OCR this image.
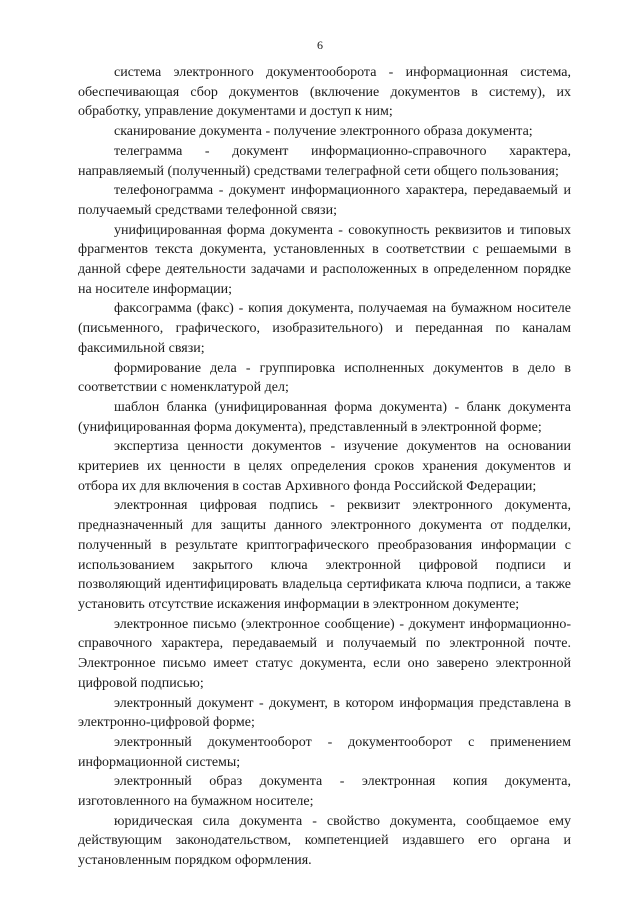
6

система электронного документооборота - информационная система, обеспечивающая сбор документов (включение документов в систему), их обработку, управление документами и доступ к ним;

сканирование документа - получение электронного образа документа;

телеграмма - документ информационно-справочного характера, направляемый (полученный) средствами телеграфной сети общего пользования;

телефонограмма - документ информационного характера, передаваемый и получаемый средствами телефонной связи;

унифицированная форма документа - совокупность реквизитов и типовых фрагментов текста документа, установленных в соответствии с решаемыми в данной сфере деятельности задачами и расположенных в определенном порядке на носителе информации;

факсограмма (факс) - копия документа, получаемая на бумажном носителе (письменного, графического, изобразительного) и переданная по каналам факсимильной связи;

формирование дела - группировка исполненных документов в дело в соответствии с номенклатурой дел;

шаблон бланка (унифицированная форма документа) - бланк документа (унифицированная форма документа), представленный в электронной форме;

экспертиза ценности документов - изучение документов на основании критериев их ценности в целях определения сроков хранения документов и отбора их для включения в состав Архивного фонда Российской Федерации;

электронная цифровая подпись - реквизит электронного документа, предназначенный для защиты данного электронного документа от подделки, полученный в результате криптографического преобразования информации с использованием закрытого ключа электронной цифровой подписи и позволяющий идентифицировать владельца сертификата ключа подписи, а также установить отсутствие искажения информации в электронном документе;

электронное письмо (электронное сообщение) - документ информационно-справочного характера, передаваемый и получаемый по электронной почте. Электронное письмо имеет статус документа, если оно заверено электронной цифровой подписью;

электронный документ - документ, в котором информация представлена в электронно-цифровой форме;

электронный документооборот - документооборот с применением информационной системы;

электронный образ документа - электронная копия документа, изготовленного на бумажном носителе;

юридическая сила документа - свойство документа, сообщаемое ему действующим законодательством, компетенцией издавшего его органа и установленным порядком оформления.
